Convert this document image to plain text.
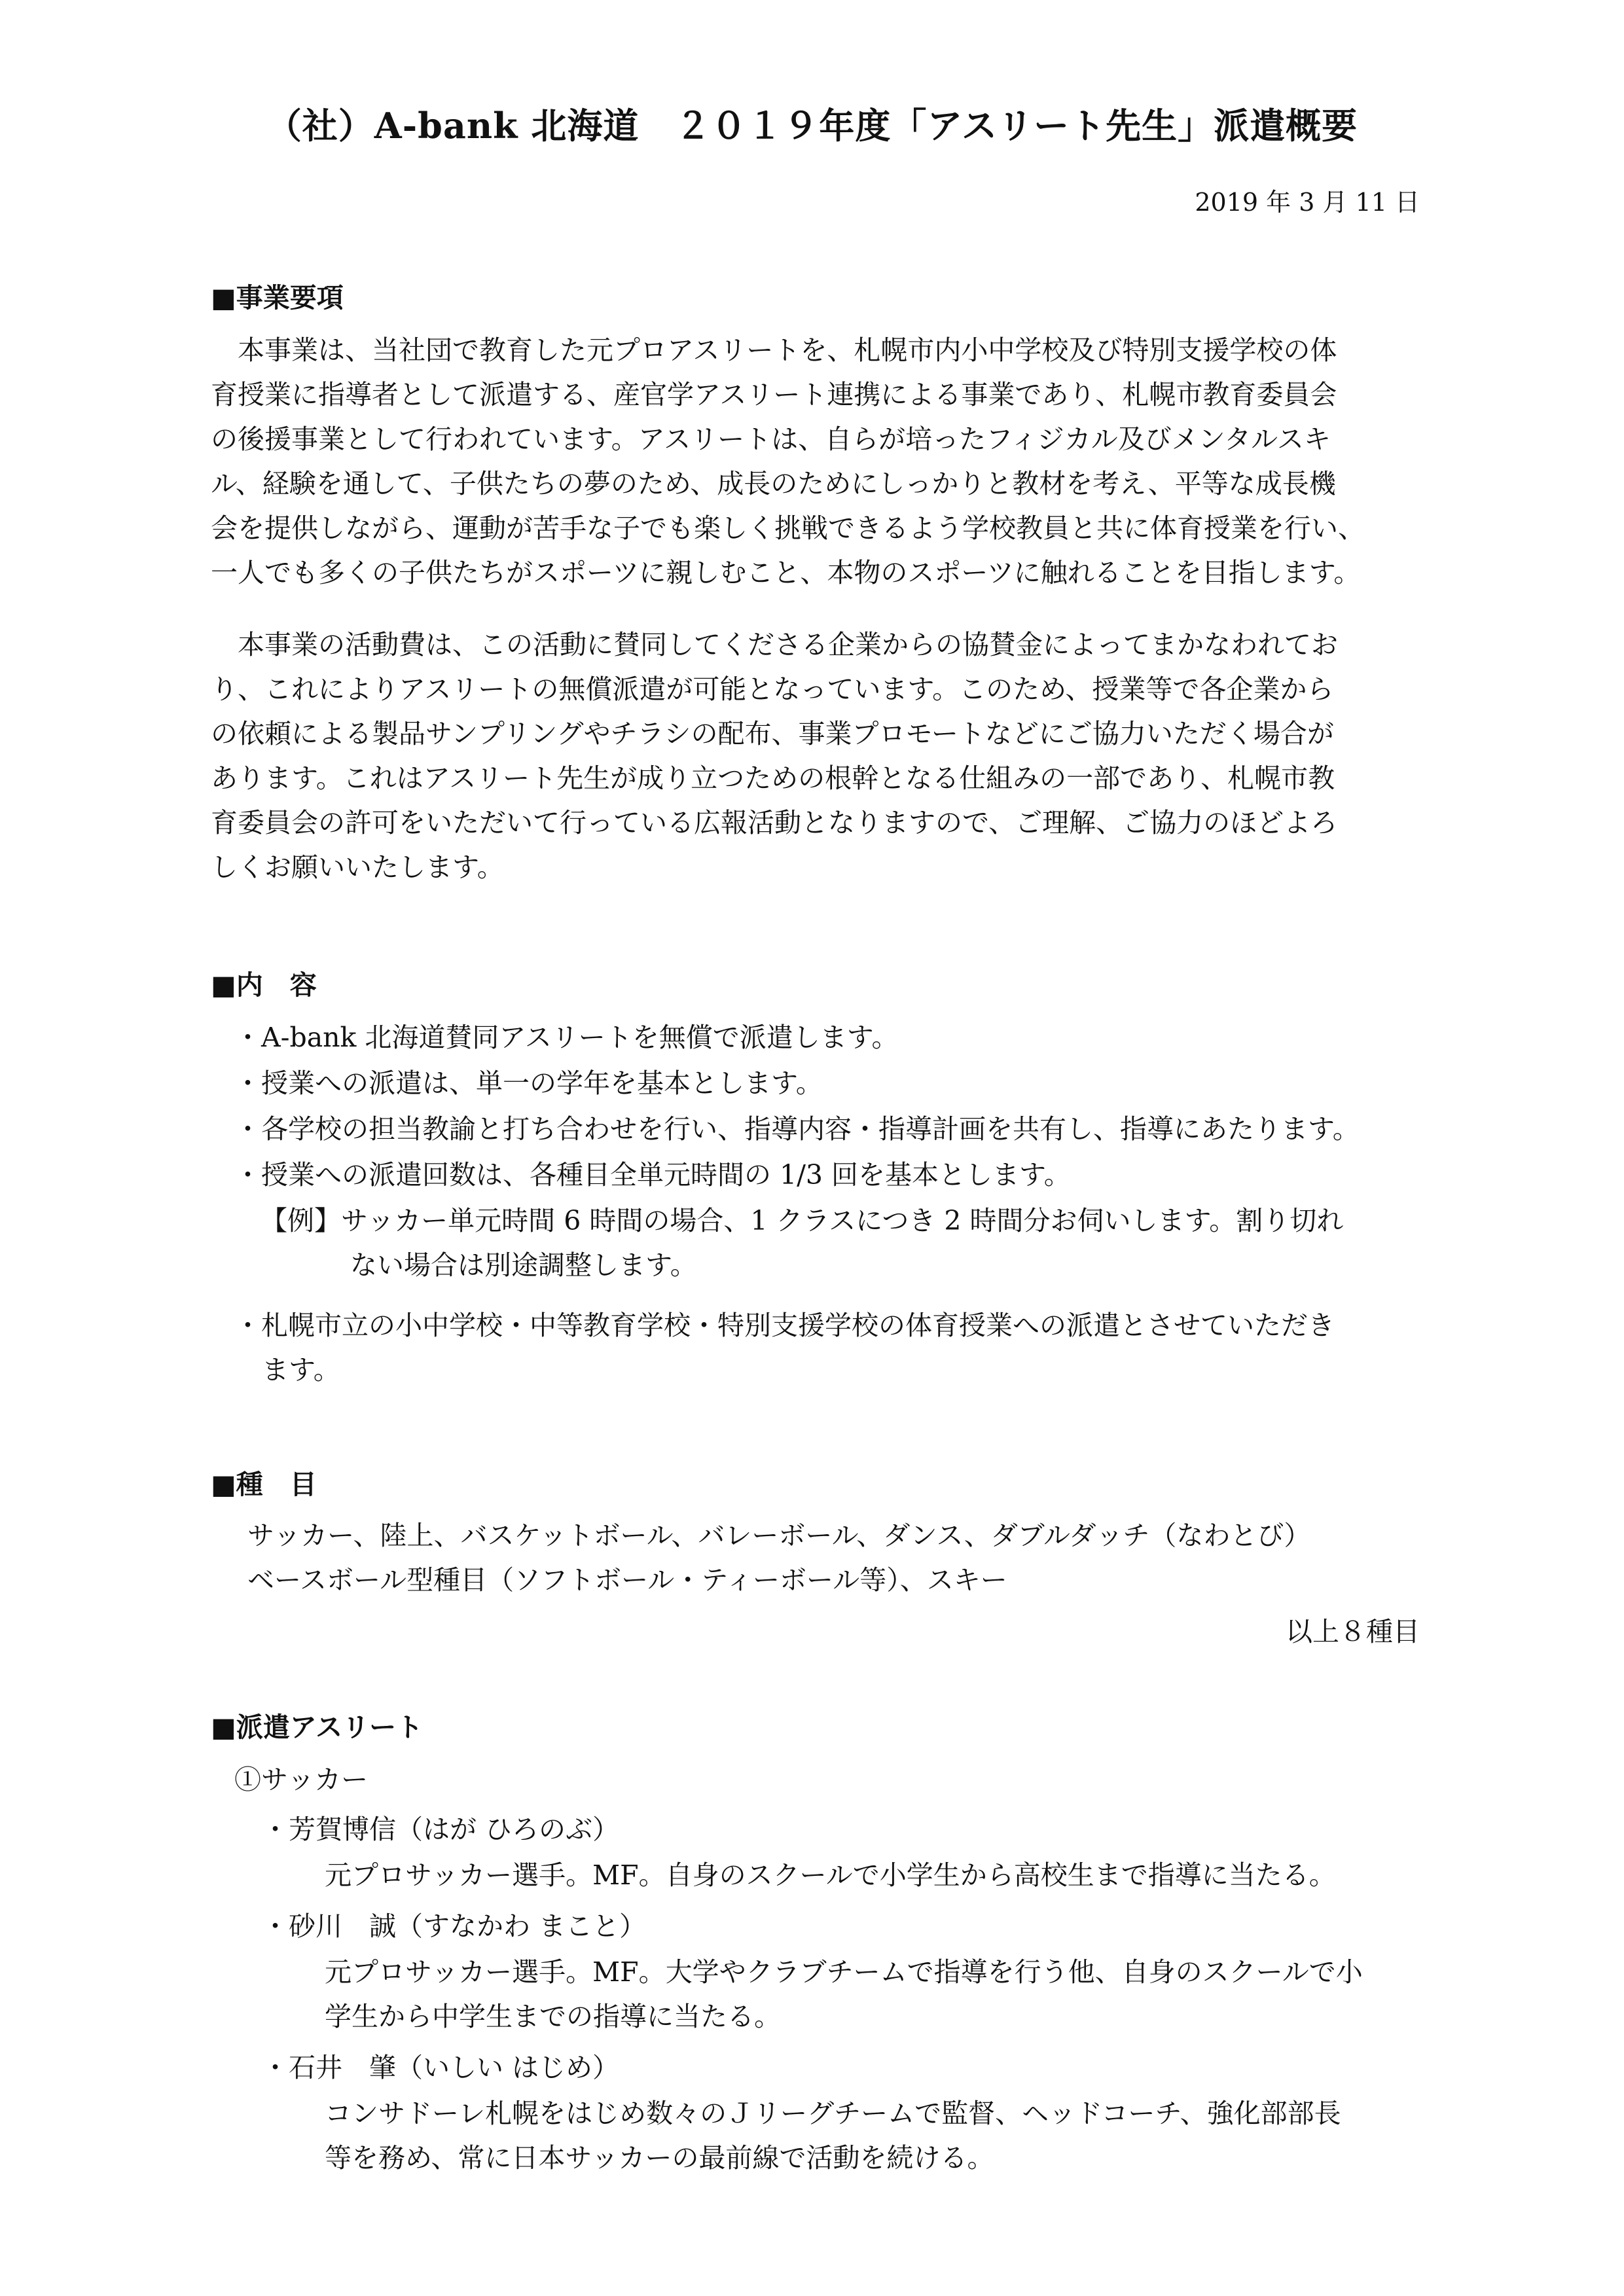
（社）A-bank 北海道　２０１９年度「アスリート先生」派遣概要
2019 年 3 月 11 日
■事業要項
　本事業は、当社団で教育した元プロアスリートを、札幌市内小中学校及び特別支援学校の体
育授業に指導者として派遣する、産官学アスリート連携による事業であり、札幌市教育委員会
の後援事業として行われています。アスリートは、自らが培ったフィジカル及びメンタルスキ
ル、経験を通して、子供たちの夢のため、成長のためにしっかりと教材を考え、平等な成長機
会を提供しながら、運動が苦手な子でも楽しく挑戦できるよう学校教員と共に体育授業を行い、
一人でも多くの子供たちがスポーツに親しむこと、本物のスポーツに触れることを目指します。
　本事業の活動費は、この活動に賛同してくださる企業からの協賛金によってまかなわれてお
り、これによりアスリートの無償派遣が可能となっています。このため、授業等で各企業から
の依頼による製品サンプリングやチラシの配布、事業プロモートなどにご協力いただく場合が
あります。これはアスリート先生が成り立つための根幹となる仕組みの一部であり、札幌市教
育委員会の許可をいただいて行っている広報活動となりますので、ご理解、ご協力のほどよろ
しくお願いいたします。
■内　容
・A-bank 北海道賛同アスリートを無償で派遣します。
・授業への派遣は、単一の学年を基本とします。
・各学校の担当教諭と打ち合わせを行い、指導内容・指導計画を共有し、指導にあたります。
・授業への派遣回数は、各種目全単元時間の 1/3 回を基本とします。
【例】サッカー単元時間 6 時間の場合、1 クラスにつき 2 時間分お伺いします。割り切れ
ない場合は別途調整します。
・札幌市立の小中学校・中等教育学校・特別支援学校の体育授業への派遣とさせていただき
ます。
■種　目
サッカー、陸上、バスケットボール、バレーボール、ダンス、ダブルダッチ（なわとび）
ベースボール型種目（ソフトボール・ティーボール等）、スキー
以上８種目
■派遣アスリート
①サッカー
・芳賀博信（はが ひろのぶ）
元プロサッカー選手。MF。自身のスクールで小学生から高校生まで指導に当たる。
・砂川　誠（すなかわ まこと）
元プロサッカー選手。MF。大学やクラブチームで指導を行う他、自身のスクールで小
学生から中学生までの指導に当たる。
・石井　肇（いしい はじめ）
コンサドーレ札幌をはじめ数々のＪリーグチームで監督、ヘッドコーチ、強化部部長
等を務め、常に日本サッカーの最前線で活動を続ける。
